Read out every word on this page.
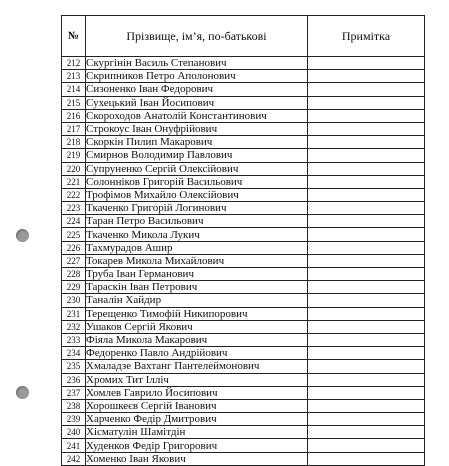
№	Прізвище, ім’я, по-батькові	Примітка
212	Скургінін Василь Степанович	
213	Скрипников Петро Аполонович	
214	Сизоненко Іван Федорович	
215	Сухецький Іван Йосипович	
216	Скороходов Анатолій Константинович	
217	Строкоус Іван Онуфрійович	
218	Скоркін Пилип Макарович	
219	Смирнов Володимир Павлович	
220	Супруненко Сергій Олексійович	
221	Солонніков Григорій Васильович	
222	Трофімов Михайло Олексійович	
223	Ткаченко Григорій Логинович	
224	Таран Петро Васильович	
225	Ткаченко Микола Лукич	
226	Тахмурадов Ашир	
227	Токарев Микола Михайлович	
228	Труба Іван Германович	
229	Тараскін Іван Петрович	
230	Таналін Хайдир	
231	Терещенко Тимофій Никипорович	
232	Ушаков Сергій Якович	
233	Фіяла Микола Макарович	
234	Федоренко Павло Андрійович	
235	Хмаладзе Вахтанг Пантелеймонович	
236	Хромих Тит Ілліч	
237	Хомлев Гаврило Йосипович	
238	Хорошкеєв Сергій Іванович	
239	Харченко Федір Дмитрович	
240	Хісматулін Шамітдін	
241	Худенков Федір Григорович	
242	Хоменко Іван Якович	
